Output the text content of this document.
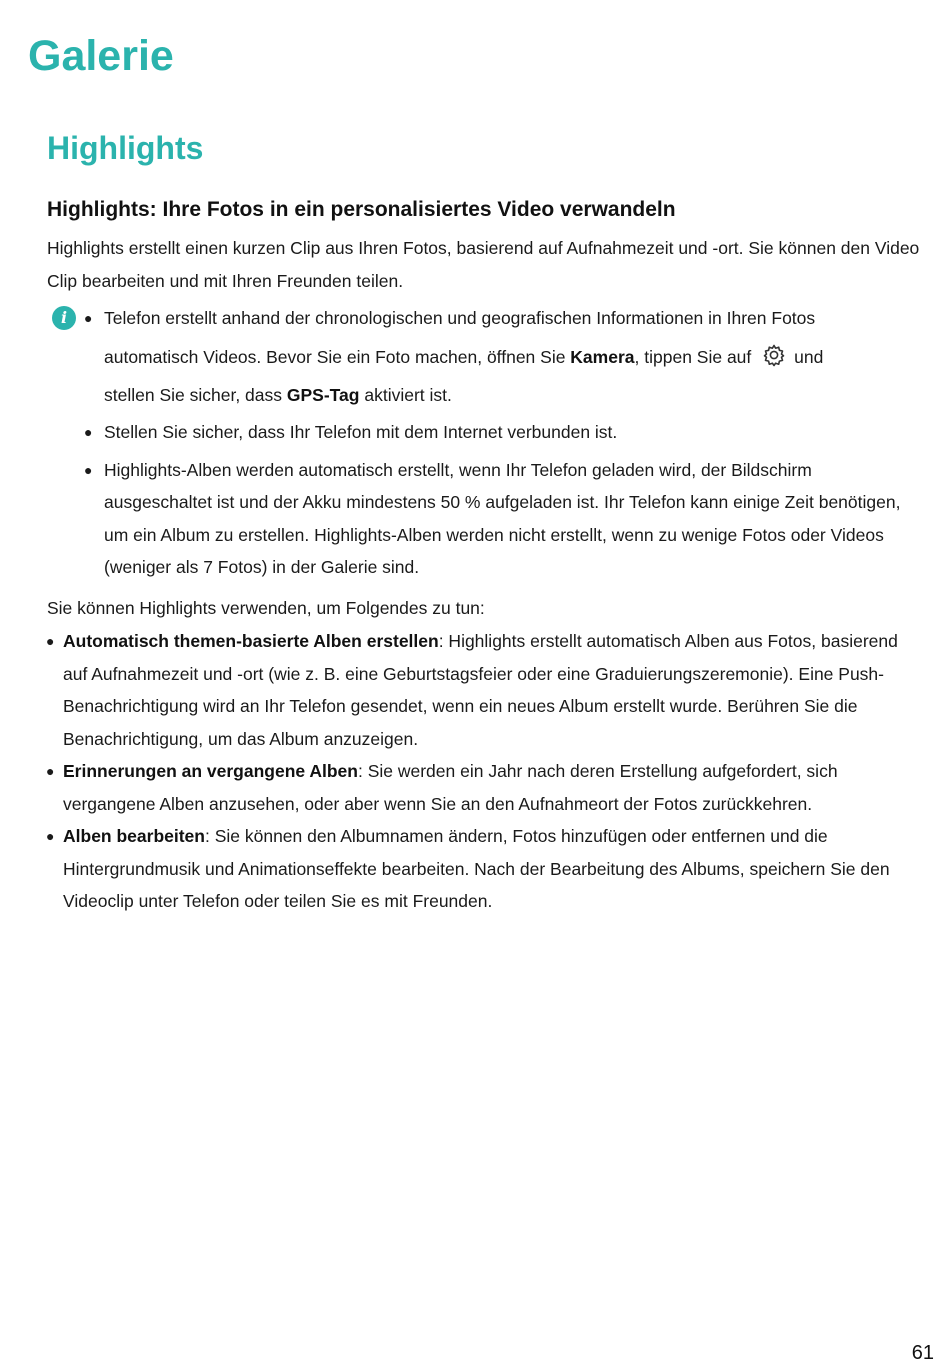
Galerie
Highlights
Highlights: Ihre Fotos in ein personalisiertes Video verwandeln

Highlights erstellt einen kurzen Clip aus Ihren Fotos, basierend auf Aufnahmezeit und -ort. Sie können den Video Clip bearbeiten und mit Ihren Freunden teilen.

i	● Telefon erstellt anhand der chronologischen und geografischen Informationen in Ihren Fotos
automatisch Videos. Bevor Sie ein Foto machen, öffnen Sie Kamera, tippen Sie auf und
stellen Sie sicher, dass GPS-Tag aktiviert ist.
● Stellen Sie sicher, dass Ihr Telefon mit dem Internet verbunden ist.
● Highlights-Alben werden automatisch erstellt, wenn Ihr Telefon geladen wird, der Bildschirm ausgeschaltet ist und der Akku mindestens 50 % aufgeladen ist. Ihr Telefon kann einige Zeit benötigen, um ein Album zu erstellen. Highlights-Alben werden nicht erstellt, wenn zu wenige Fotos oder Videos (weniger als 7 Fotos) in der Galerie sind.

Sie können Highlights verwenden, um Folgendes zu tun:

● Automatisch themen-basierte Alben erstellen: Highlights erstellt automatisch Alben aus Fotos, basierend auf Aufnahmezeit und -ort (wie z. B. eine Geburtstagsfeier oder eine Graduierungszeremonie). Eine Push-Benachrichtigung wird an Ihr Telefon gesendet, wenn ein neues Album erstellt wurde. Berühren Sie die Benachrichtigung, um das Album anzuzeigen.
● Erinnerungen an vergangene Alben: Sie werden ein Jahr nach deren Erstellung aufgefordert, sich vergangene Alben anzusehen, oder aber wenn Sie an den Aufnahmeort der Fotos zurückkehren.
● Alben bearbeiten: Sie können den Albumnamen ändern, Fotos hinzufügen oder entfernen und die Hintergrundmusik und Animationseffekte bearbeiten. Nach der Bearbeitung des Albums, speichern Sie den Videoclip unter Telefon oder teilen Sie es mit Freunden.
61
